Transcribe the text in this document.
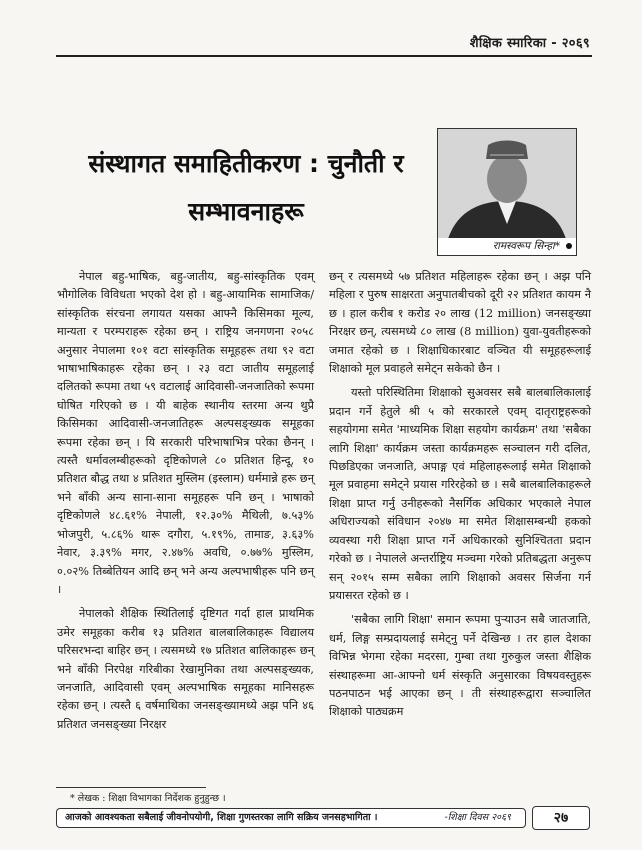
शैक्षिक स्मारिका - २०६९
संस्थागत समाहितीकरण : चुनौती र सम्भावनाहरू
रामस्वरूप सिन्हा*

नेपाल बहु-भाषिक, बहु-जातीय, बहु-सांस्कृतिक एवम् भौगोलिक विविधता भएको देश हो । बहु-आयामिक सामाजिक/सांस्कृतिक संरचना लगायत यसका आफ्नै किसिमका मूल्य, मान्यता र परम्पराहरू रहेका छन् । राष्ट्रिय जनगणना २०५८ अनुसार नेपालमा १०१ वटा सांस्कृतिक समूहहरू तथा ९२ वटा भाषाभाषिकाहरू रहेका छन् । २३ वटा जातीय समूहलाई दलितको रूपमा तथा ५९ वटालाई आदिवासी-जनजातिको रूपमा घोषित गरिएको छ । यी बाहेक स्थानीय स्तरमा अन्य थुप्रै किसिमका आदिवासी-जनजातिहरू अल्पसङ्ख्यक समूहका रूपमा रहेका छन् । यि सरकारी परिभाषाभित्र परेका छैनन् । त्यस्तै धर्मावलम्बीहरूको दृष्टिकोणले ८० प्रतिशत हिन्दू, १० प्रतिशत बौद्ध तथा ४ प्रतिशत मुस्लिम (इस्लाम) धर्ममान्ने हरू छन् भने बाँकी अन्य साना-साना समूहहरू पनि छन् । भाषाको दृष्टिकोणले ४८.६१% नेपाली, १२.३०% मैथिली, ७.५३% भोजपुरी, ५.८६% थारू दगौरा, ५.१९%, तामाङ, ३.६३% नेवार, ३.३९% मगर, २.४७% अवधि, ०.७७% मुस्लिम, ०.०२% तिब्बेतियन आदि छन् भने अन्य अल्पभाषीहरू पनि छन् ।

नेपालको शैक्षिक स्थितिलाई दृष्टिगत गर्दा हाल प्राथमिक उमेर समूहका करीब १३ प्रतिशत बालबालिकाहरू विद्यालय परिसरभन्दा बाहिर छन् । त्यसमध्ये १७ प्रतिशत बालिकाहरू छन् भने बाँकी निरपेक्ष गरिबीका रेखामुनिका तथा अल्पसङ्ख्यक, जनजाति, आदिवासी एवम् अल्पभाषिक समूहका मानिसहरू रहेका छन् । त्यस्तै ६ वर्षमाथिका जनसङ्ख्यामध्ये अझ पनि ४६ प्रतिशत जनसङ्ख्या निरक्षर

छन् र त्यसमध्ये ५७ प्रतिशत महिलाहरू रहेका छन् । अझ पनि महिला र पुरुष साक्षरता अनुपातबीचको दूरी २२ प्रतिशत कायम नै छ । हाल करीब १ करोड २० लाख (12 million) जनसङ्ख्या निरक्षर छन्, त्यसमध्ये ८० लाख (8 million) युवा-युवतीहरूको जमात रहेको छ । शिक्षाधिकारबाट वञ्चित यी समूहहरूलाई शिक्षाको मूल प्रवाहले समेट्न सकेको छैन ।

यस्तो परिस्थितिमा शिक्षाको सुअवसर सबै बालबालिकालाई प्रदान गर्ने हेतुले श्री ५ को सरकारले एवम् दातृराष्ट्रहरूको सहयोगमा समेत 'माध्यमिक शिक्षा सहयोग कार्यक्रम' तथा 'सबैका लागि शिक्षा' कार्यक्रम जस्ता कार्यक्रमहरू सञ्चालन गरी दलित, पिछडिएका जनजाति, अपाङ्ग एवं महिलाहरूलाई समेत शिक्षाको मूल प्रवाहमा समेट्ने प्रयास गरिरहेको छ । सबै बालबालिकाहरूले शिक्षा प्राप्त गर्नु उनीहरूको नैसर्गिक अधिकार भएकाले नेपाल अधिराज्यको संविधान २०४७ मा समेत शिक्षासम्बन्धी हकको व्यवस्था गरी शिक्षा प्राप्त गर्ने अधिकारको सुनिश्चितता प्रदान गरेको छ । नेपालले अन्तर्राष्ट्रिय मञ्चमा गरेको प्रतिबद्धता अनुरूप सन् २०१५ सम्म सबैका लागि शिक्षाको अवसर सिर्जना गर्न प्रयासरत रहेको छ ।

'सबैका लागि शिक्षा' समान रूपमा पुऱ्याउन सबै जातजाति, धर्म, लिङ्ग सम्प्रदायलाई समेट्नु पर्ने देखिन्छ । तर हाल देशका विभिन्न भेगमा रहेका मदरसा, गुम्बा तथा गुरुकुल जस्ता शैक्षिक संस्थाहरूमा आ-आफ्नो धर्म संस्कृति अनुसारका विषयवस्तुहरू पठनपाठन भई आएका छन् । ती संस्थाहरूद्वारा सञ्चालित शिक्षाको पाठ्यक्रम

* लेखक : शिक्षा विभागका निर्देशक हुनुहुन्छ ।
आजको आवश्यकता सबैलाई जीवनोपयोगी, शिक्षा गुणस्तरका लागि सक्रिय जनसहभागिता ।	-शिक्षा दिवस २०६९	२७
